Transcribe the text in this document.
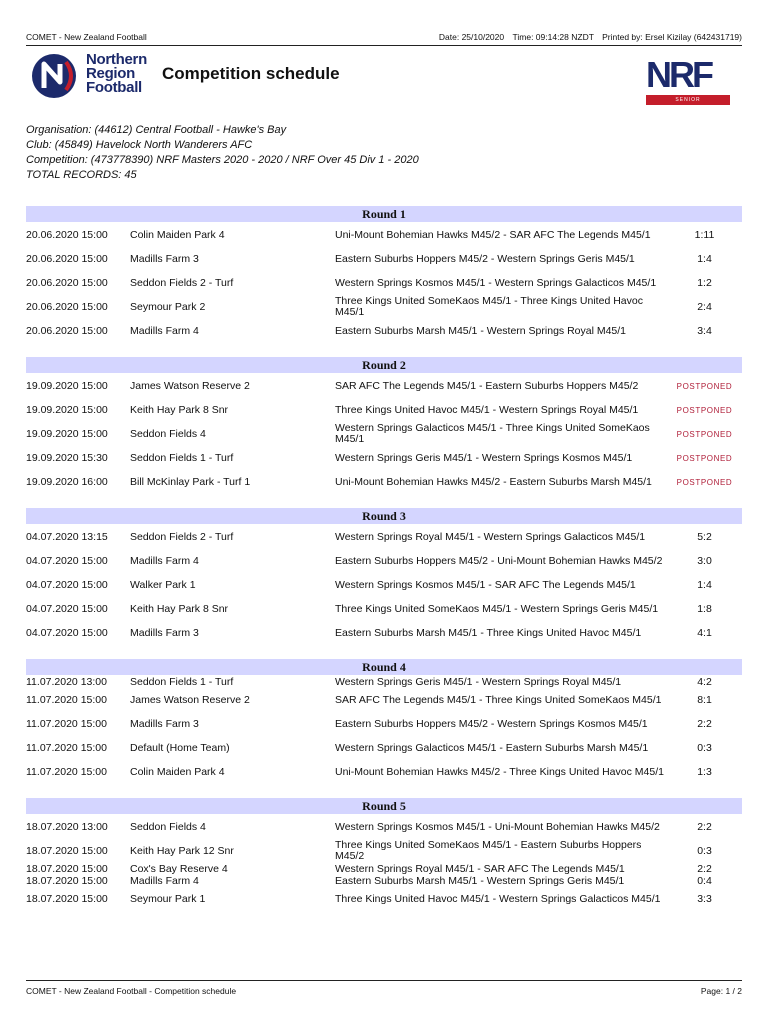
COMET - New Zealand Football	Date: 25/10/2020 Time: 09:14:28 NZDT Printed by: Ersel Kizilay (642431719)
Northern Region Football
Competition schedule	NRF
SENIOR
Organisation: (44612) Central Football - Hawke's Bay
Club: (45849) Havelock North Wanderers AFC
Competition: (473778390) NRF Masters 2020 - 2020 / NRF Over 45 Div 1 - 2020
TOTAL RECORDS: 45
Round 1
20.06.2020 15:00	Colin Maiden Park 4	Uni-Mount Bohemian Hawks M45/2 - SAR AFC The Legends M45/1	1:11
20.06.2020 15:00	Madills Farm 3	Eastern Suburbs Hoppers M45/2 - Western Springs Geris M45/1	1:4
20.06.2020 15:00	Seddon Fields 2 - Turf	Western Springs Kosmos M45/1 - Western Springs Galacticos M45/1	1:2
20.06.2020 15:00	Seymour Park 2	Three Kings United SomeKaos M45/1 - Three Kings United Havoc M45/1	2:4
20.06.2020 15:00	Madills Farm 4	Eastern Suburbs Marsh M45/1 - Western Springs Royal M45/1	3:4
Round 2
19.09.2020 15:00	James Watson Reserve 2	SAR AFC The Legends M45/1 - Eastern Suburbs Hoppers M45/2	POSTPONED
19.09.2020 15:00	Keith Hay Park 8 Snr	Three Kings United Havoc M45/1 - Western Springs Royal M45/1	POSTPONED
19.09.2020 15:00	Seddon Fields 4	Western Springs Galacticos M45/1 - Three Kings United SomeKaos M45/1	POSTPONED
19.09.2020 15:30	Seddon Fields 1 - Turf	Western Springs Geris M45/1 - Western Springs Kosmos M45/1	POSTPONED
19.09.2020 16:00	Bill McKinlay Park - Turf 1	Uni-Mount Bohemian Hawks M45/2 - Eastern Suburbs Marsh M45/1	POSTPONED
Round 3
04.07.2020 13:15	Seddon Fields 2 - Turf	Western Springs Royal M45/1 - Western Springs Galacticos M45/1	5:2
04.07.2020 15:00	Madills Farm 4	Eastern Suburbs Hoppers M45/2 - Uni-Mount Bohemian Hawks M45/2	3:0
04.07.2020 15:00	Walker Park 1	Western Springs Kosmos M45/1 - SAR AFC The Legends M45/1	1:4
04.07.2020 15:00	Keith Hay Park 8 Snr	Three Kings United SomeKaos M45/1 - Western Springs Geris M45/1	1:8
04.07.2020 15:00	Madills Farm 3	Eastern Suburbs Marsh M45/1 - Three Kings United Havoc M45/1	4:1
Round 4
11.07.2020 13:00	Seddon Fields 1 - Turf	Western Springs Geris M45/1 - Western Springs Royal M45/1	4:2
11.07.2020 15:00	James Watson Reserve 2	SAR AFC The Legends M45/1 - Three Kings United SomeKaos M45/1	8:1
11.07.2020 15:00	Madills Farm 3	Eastern Suburbs Hoppers M45/2 - Western Springs Kosmos M45/1	2:2
11.07.2020 15:00	Default (Home Team)	Western Springs Galacticos M45/1 - Eastern Suburbs Marsh M45/1	0:3
11.07.2020 15:00	Colin Maiden Park 4	Uni-Mount Bohemian Hawks M45/2 - Three Kings United Havoc M45/1	1:3
Round 5
18.07.2020 13:00	Seddon Fields 4	Western Springs Kosmos M45/1 - Uni-Mount Bohemian Hawks M45/2	2:2
18.07.2020 15:00	Keith Hay Park 12 Snr	Three Kings United SomeKaos M45/1 - Eastern Suburbs Hoppers M45/2	0:3
18.07.2020 15:00	Cox's Bay Reserve 4	Western Springs Royal M45/1 - SAR AFC The Legends M45/1	2:2
18.07.2020 15:00	Madills Farm 4	Eastern Suburbs Marsh M45/1 - Western Springs Geris M45/1	0:4
18.07.2020 15:00	Seymour Park 1	Three Kings United Havoc M45/1 - Western Springs Galacticos M45/1	3:3
COMET - New Zealand Football - Competition schedule	Page: 1 / 2
